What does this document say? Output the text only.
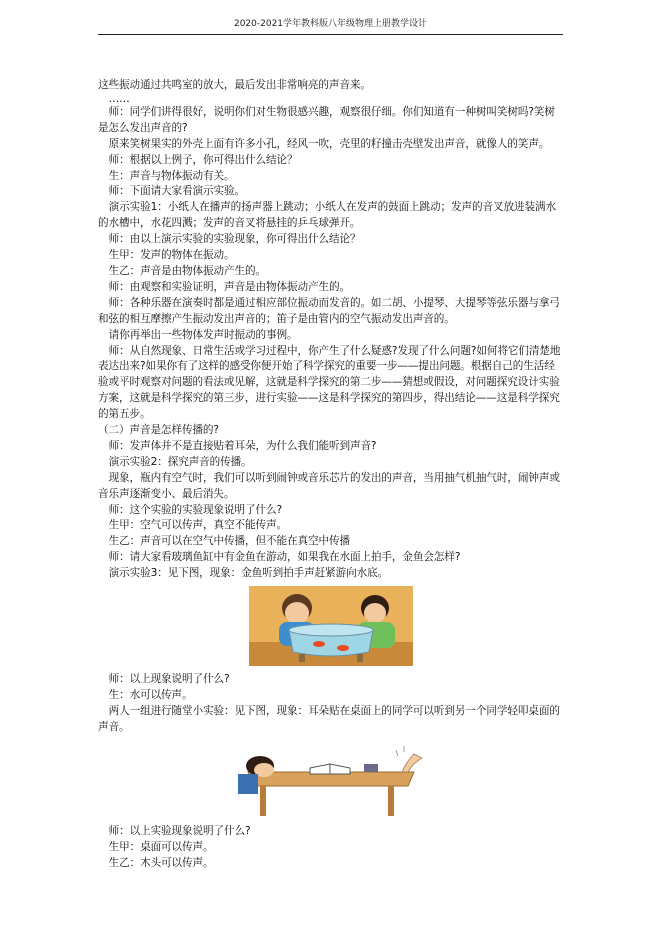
2020-2021学年教科版八年级物理上册教学设计

这些振动通过共鸣室的放大，最后发出非常响亮的声音来。

……

师：同学们讲得很好，说明你们对生物很感兴趣，观察很仔细。你们知道有一种树叫笑树吗?笑树是怎么发出声音的?

原来笑树果实的外壳上面有许多小孔，经风一吹，壳里的籽撞击壳壁发出声音，就像人的笑声。

师：根据以上例子，你可得出什么结论？

生：声音与物体振动有关。

师：下面请大家看演示实验。

演示实验1：小纸人在播声的扬声器上跳动；小纸人在发声的鼓面上跳动；发声的音叉放进装满水的水槽中，水花四溅；发声的音叉将悬挂的乒乓球弹开。

师：由以上演示实验的实验现象，你可得出什么结论？

生甲：发声的物体在振动。

生乙：声音是由物体振动产生的。

师：由观察和实验证明，声音是由物体振动产生的。

师：各种乐器在演奏时都是通过相应部位振动而发音的。如二胡、小提琴、大提琴等弦乐器与拿弓和弦的相互摩擦产生振动发出声音的；笛子是由管内的空气振动发出声音的。

请你再举出一些物体发声时振动的事例。

师：从自然现象、日常生活或学习过程中，你产生了什么疑惑?发现了什么问题?如何将它们清楚地表达出来?如果你有了这样的感受你便开始了科学探究的重要一步——提出问题。根据自己的生活经验或平时观察对问题的看法或见解，这就是科学探究的第二步——猜想或假设，对问题探究设计实验方案，这就是科学探究的第三步，进行实验——这是科学探究的第四步，得出结论——这是科学探究的第五步。

（二）声音是怎样传播的?

师：发声体并不是直接贴着耳朵，为什么我们能听到声音?

演示实验2：探究声音的传播。

现象，瓶内有空气时，我们可以听到闹钟或音乐芯片的发出的声音，当用抽气机抽气时，闹钟声或音乐声逐渐变小、最后消失。

师：这个实验的实验现象说明了什么?

生甲：空气可以传声，真空不能传声。

生乙：声音可以在空气中传播，但不能在真空中传播

师：请大家看玻璃鱼缸中有金鱼在游动，如果我在水面上拍手，金鱼会怎样?

演示实验3：见下图，现象：金鱼听到拍手声赶紧游向水底。

师：以上现象说明了什么?

生：水可以传声。

两人一组进行随堂小实验：见下图，现象：耳朵贴在桌面上的同学可以听到另一个同学轻叩桌面的声音。

师：以上实验现象说明了什么?

生甲：桌面可以传声。

生乙：木头可以传声。
